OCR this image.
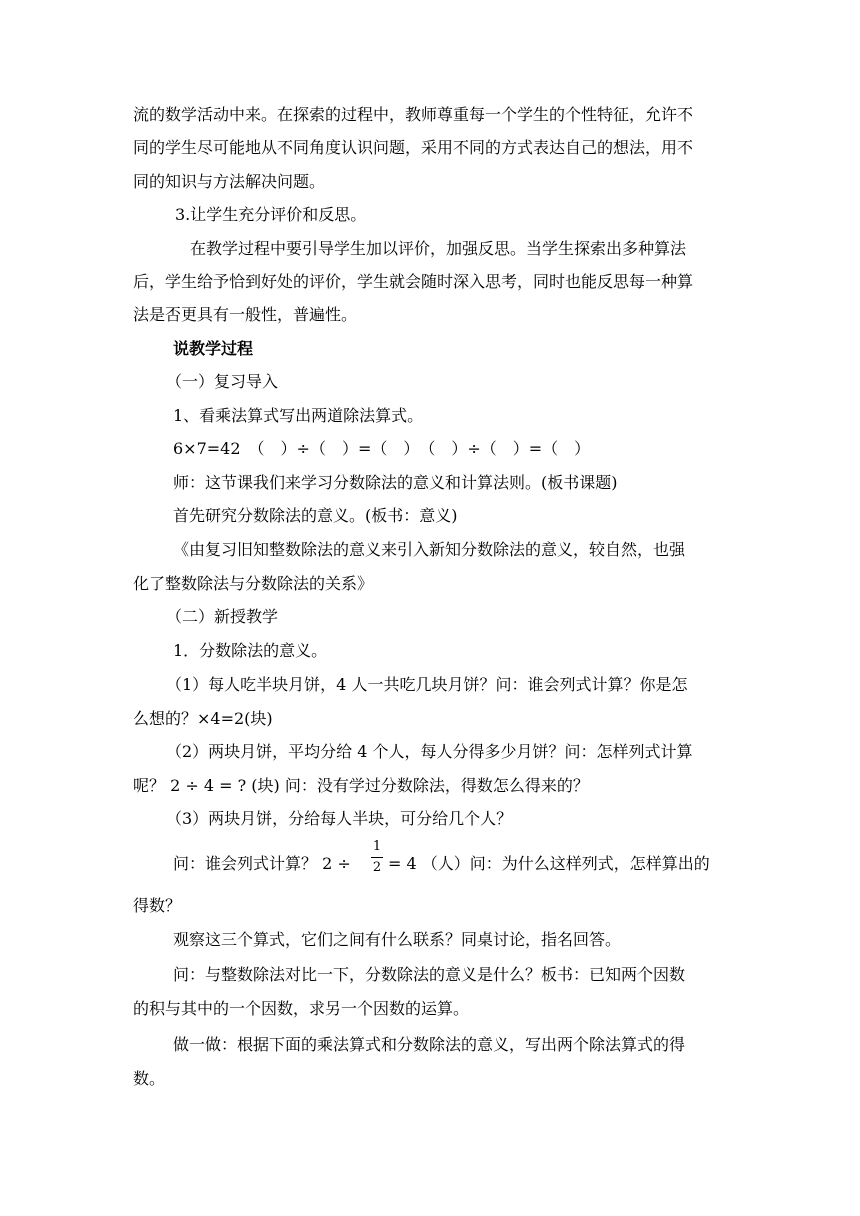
流的数学活动中来。在探索的过程中，教师尊重每一个学生的个性特征，允许不
同的学生尽可能地从不同角度认识问题，采用不同的方式表达自己的想法，用不
同的知识与方法解决问题。
3.让学生充分评价和反思。
在教学过程中要引导学生加以评价，加强反思。当学生探索出多种算法
后，学生给予恰到好处的评价，学生就会随时深入思考，同时也能反思每一种算
法是否更具有一般性，普遍性。
说教学过程
（一）复习导入
1、看乘法算式写出两道除法算式。
6×7=42　（　）÷（　）=（　）　（　）÷（　）=（　）
师：这节课我们来学习分数除法的意义和计算法则。(板书课题)
首先研究分数除法的意义。(板书：意义)
《由复习旧知整数除法的意义来引入新知分数除法的意义，较自然，也强
化了整数除法与分数除法的关系》
（二）新授教学
1．分数除法的意义。
（1）每人吃半块月饼，4 人一共吃几块月饼？问：谁会列式计算？你是怎
么想的？×4=2(块)
（2）两块月饼，平均分给 4 个人，每人分得多少月饼？问：怎样列式计算
呢？ 2 ÷ 4 = ? (块) 问：没有学过分数除法，得数怎么得来的？
（3）两块月饼，分给每人半块，可分给几个人？
问：谁会列式计算？ 2 ÷
1
2 = 4 （人）问：为什么这样列式，怎样算出的
得数？
观察这三个算式，它们之间有什么联系？同桌讨论，指名回答。
问：与整数除法对比一下，分数除法的意义是什么？板书：已知两个因数
的积与其中的一个因数，求另一个因数的运算。
做一做：根据下面的乘法算式和分数除法的意义，写出两个除法算式的得
数。
